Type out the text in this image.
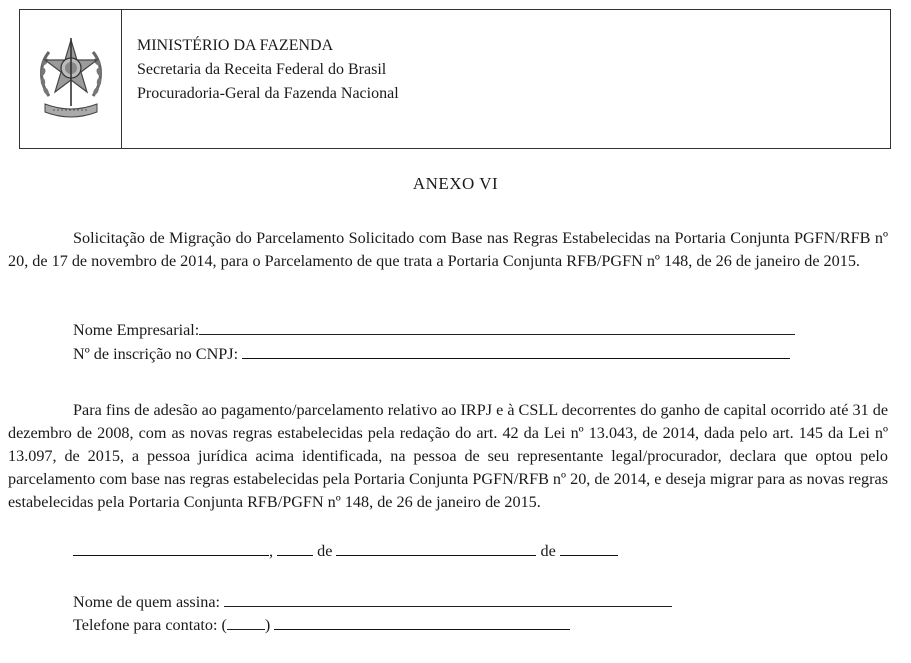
MINISTÉRIO DA FAZENDA
Secretaria da Receita Federal do Brasil
Procuradoria-Geral da Fazenda Nacional
ANEXO VI
Solicitação de Migração do Parcelamento Solicitado com Base nas Regras Estabelecidas na Portaria Conjunta PGFN/RFB nº 20, de 17 de novembro de 2014, para o Parcelamento de que trata a Portaria Conjunta RFB/PGFN nº 148, de 26 de janeiro de 2015.
Nome Empresarial:
Nº de inscrição no CNPJ:
Para fins de adesão ao pagamento/parcelamento relativo ao IRPJ e à CSLL decorrentes do ganho de capital ocorrido até 31 de dezembro de 2008, com as novas regras estabelecidas pela redação do art. 42 da Lei nº 13.043, de 2014, dada pelo art. 145 da Lei nº 13.097, de 2015, a pessoa jurídica acima identificada, na pessoa de seu representante legal/procurador, declara que optou pelo parcelamento com base nas regras estabelecidas pela Portaria Conjunta PGFN/RFB nº 20, de 2014, e deseja migrar para as novas regras estabelecidas pela Portaria Conjunta RFB/PGFN nº 148, de 26 de janeiro de 2015.
,	de	de
Nome de quem assina:
Telefone para contato: ( )
